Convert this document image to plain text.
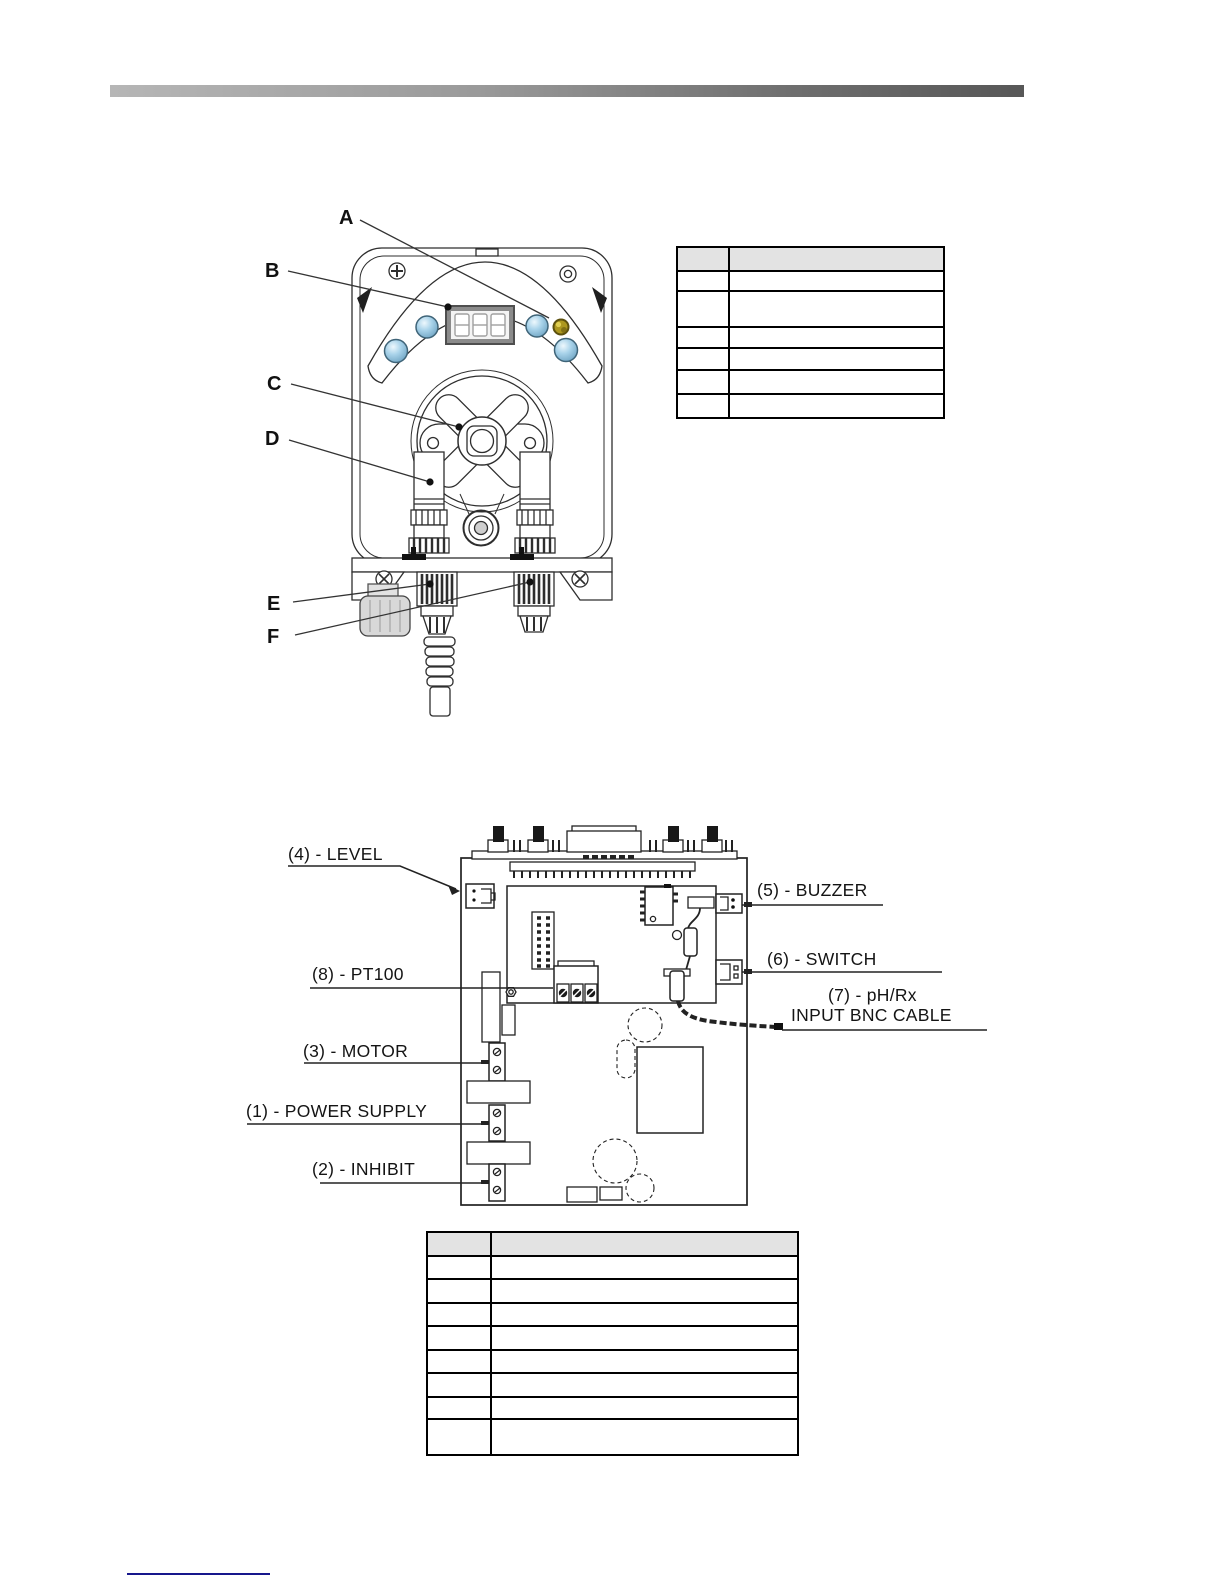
A
B
C
D
E
F
(4) - LEVEL
(8) - PT100
(3) - MOTOR
(1) - POWER SUPPLY
(2) - INHIBIT
(5) - BUZZER
(6) - SWITCH
(7) - pH/Rx
INPUT BNC CABLE
